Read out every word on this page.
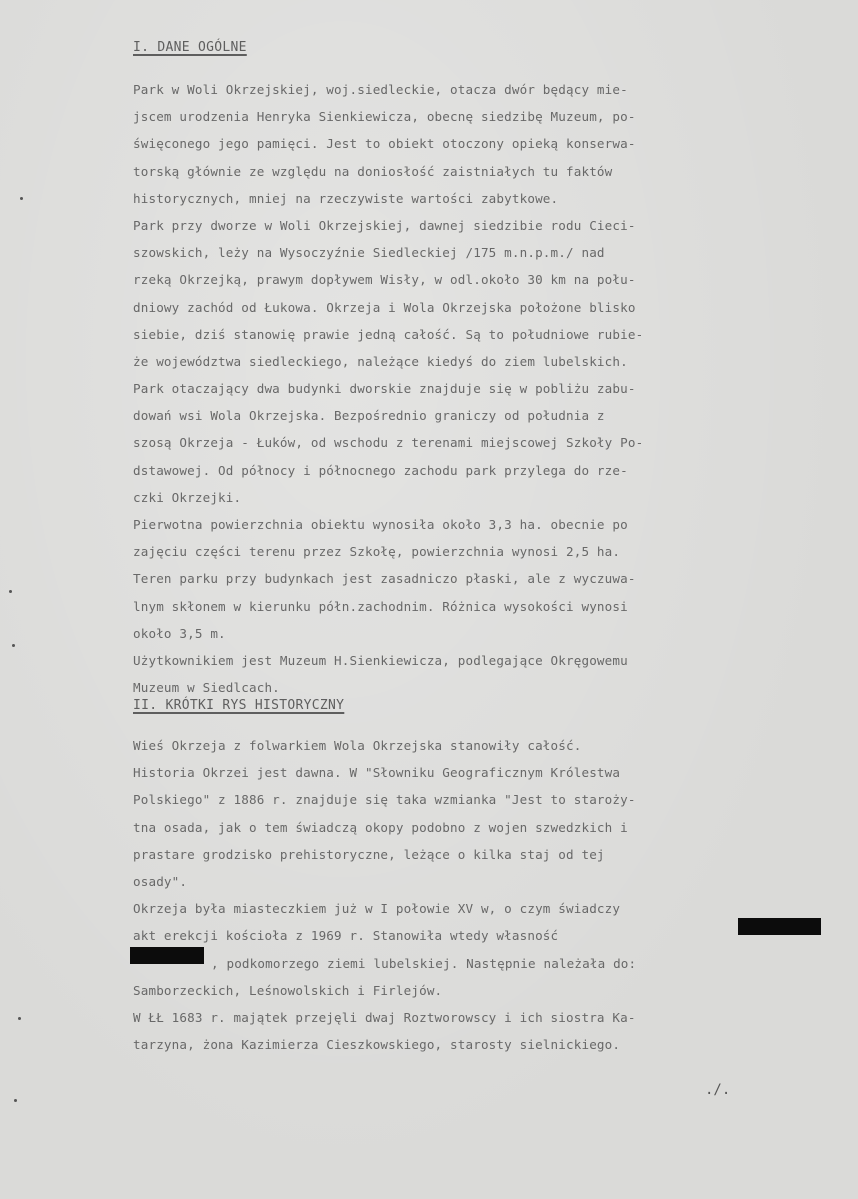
I. DANE OGÓLNE
Park w Woli Okrzejskiej, woj.siedleckie, otacza dwór będący mie-
jscem urodzenia Henryka Sienkiewicza, obecnę siedzibę Muzeum, po-
święconego jego pamięci. Jest to obiekt otoczony opieką konserwa-
torską głównie ze względu na doniosłość zaistniałych tu faktów
historycznych, mniej na rzeczywiste wartości zabytkowe.
Park przy dworze w Woli Okrzejskiej, dawnej siedzibie rodu Cieci-
szowskich, leży na Wysoczyźnie Siedleckiej /175 m.n.p.m./ nad
rzeką Okrzejką, prawym dopływem Wisły, w odl.około 30 km na połu-
dniowy zachód od Łukowa. Okrzeja i Wola Okrzejska położone blisko
siebie, dziś stanowię prawie jedną całość. Są to południowe rubie-
że województwa siedleckiego, należące kiedyś do ziem lubelskich.
Park otaczający dwa budynki dworskie znajduje się w pobliżu zabu-
dowań wsi Wola Okrzejska. Bezpośrednio graniczy od południa z
szosą Okrzeja - Łuków, od wschodu z terenami miejscowej Szkoły Po-
dstawowej. Od północy i północnego zachodu park przylega do rze-
czki Okrzejki.
Pierwotna powierzchnia obiektu wynosiła około 3,3 ha. obecnie po
zajęciu części terenu przez Szkołę, powierzchnia wynosi 2,5 ha.
Teren parku przy budynkach jest zasadniczo płaski, ale z wyczuwa-
lnym skłonem w kierunku półn.zachodnim. Różnica wysokości wynosi
około 3,5 m.
Użytkownikiem jest Muzeum H.Sienkiewicza, podlegające Okręgowemu
Muzeum w Siedlcach.
II. KRÓTKI RYS HISTORYCZNY
Wieś Okrzeja z folwarkiem Wola Okrzejska stanowiły całość.
Historia Okrzei jest dawna. W "Słowniku Geograficznym Królestwa
Polskiego" z 1886 r. znajduje się taka wzmianka "Jest to staroży-
tna osada, jak o tem świadczą okopy podobno z wojen szwedzkich i
prastare grodzisko prehistoryczne, leżące o kilka staj od tej
osady".
Okrzeja była miasteczkiem już w I połowie XV w, o czym świadczy
akt erekcji kościoła z 1969 r. Stanowiła wtedy własność
, podkomorzego ziemi lubelskiej. Następnie należała do:
Samborzeckich, Leśnowolskich i Firlejów.
W ŁŁ 1683 r. majątek przejęli dwaj Roztworowscy i ich siostra Ka-
tarzyna, żona Kazimierza Cieszkowskiego, starosty sielnickiego.
./.
